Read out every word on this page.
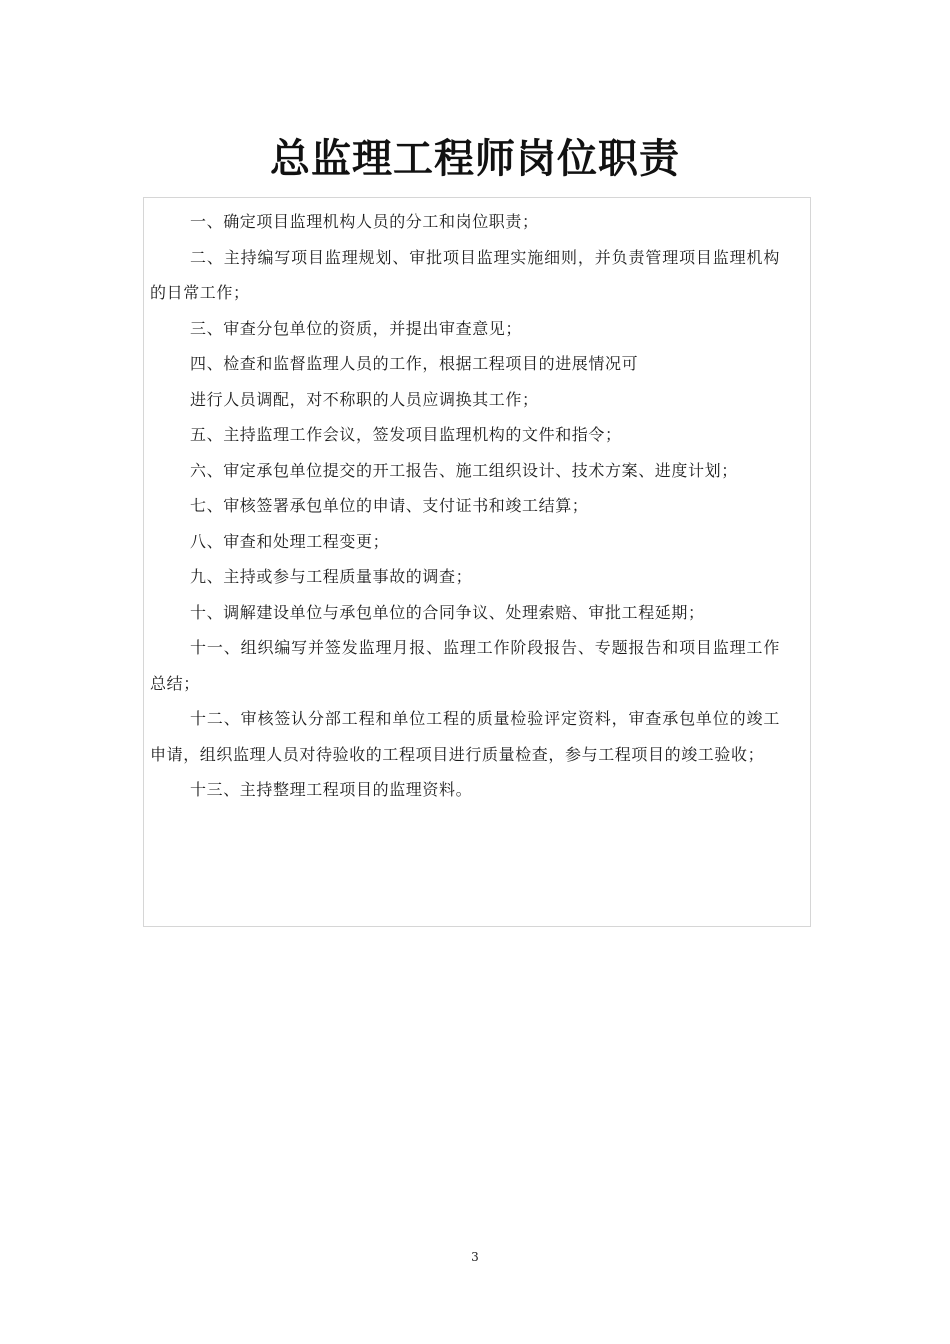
总监理工程师岗位职责
一、确定项目监理机构人员的分工和岗位职责；
二、主持编写项目监理规划、审批项目监理实施细则，并负责管理项目监理机构的日常工作；
三、审查分包单位的资质，并提出审查意见；
四、检查和监督监理人员的工作，根据工程项目的进展情况可
进行人员调配，对不称职的人员应调换其工作；
五、主持监理工作会议，签发项目监理机构的文件和指令；
六、审定承包单位提交的开工报告、施工组织设计、技术方案、进度计划；
七、审核签署承包单位的申请、支付证书和竣工结算；
八、审查和处理工程变更；
九、主持或参与工程质量事故的调查；
十、调解建设单位与承包单位的合同争议、处理索赔、审批工程延期；
十一、组织编写并签发监理月报、监理工作阶段报告、专题报告和项目监理工作总结；
十二、审核签认分部工程和单位工程的质量检验评定资料，审查承包单位的竣工申请，组织监理人员对待验收的工程项目进行质量检查，参与工程项目的竣工验收；
十三、主持整理工程项目的监理资料。
3
